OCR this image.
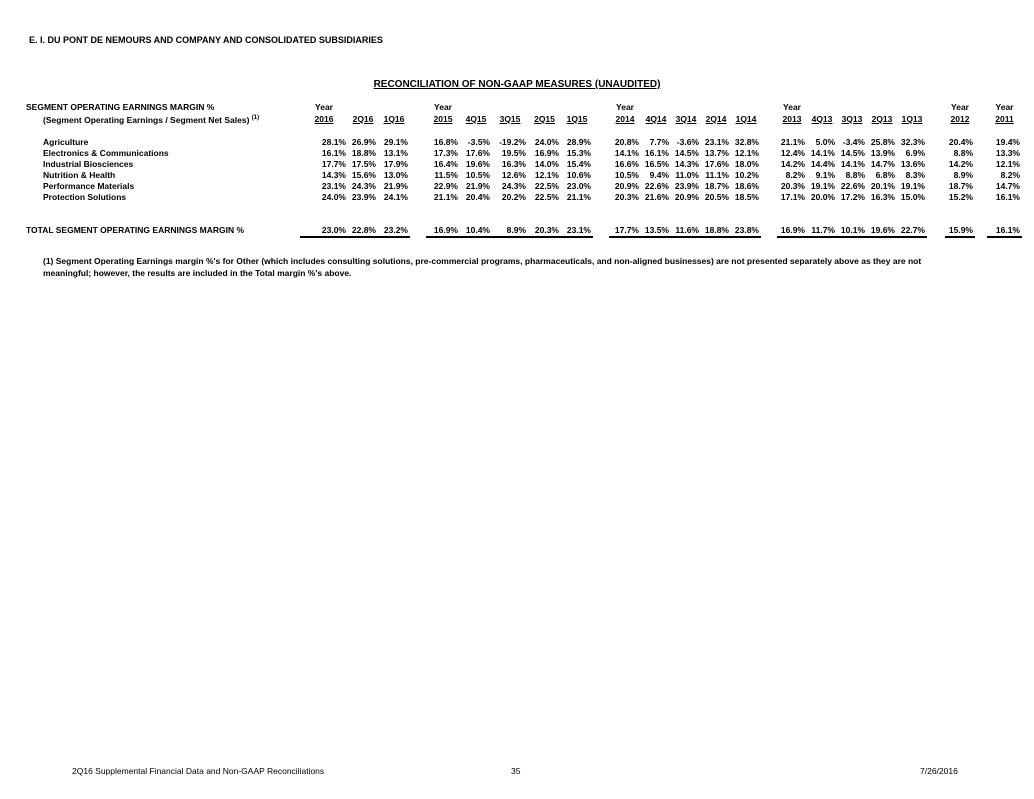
E. I. DU PONT DE NEMOURS AND COMPANY AND CONSOLIDATED SUBSIDIARIES
RECONCILIATION OF NON-GAAP MEASURES (UNAUDITED)
SEGMENT OPERATING EARNINGS MARGIN %	Year				Year						Year						Year						Year		Year
(Segment Operating Earnings / Segment Net Sales) $^{(1)}$	2016	2Q16	1Q16		2015	4Q15	3Q15	2Q15	1Q15		2014	4Q14	3Q14	2Q14	1Q14		2013	4Q13	3Q13	2Q13	1Q13		2012		2011

Agriculture	28.1%	26.9%	29.1%		16.8%	-3.5%	-19.2%	24.0%	28.9%		20.8%	7.7%	-3.6%	23.1%	32.8%		21.1%	5.0%	-3.4%	25.8%	32.3%		20.4%		19.4%
Electronics & Communications	16.1%	18.8%	13.1%		17.3%	17.6%	19.5%	16.9%	15.3%		14.1%	16.1%	14.5%	13.7%	12.1%		12.4%	14.1%	14.5%	13.9%	6.9%		8.8%		13.3%
Industrial Biosciences	17.7%	17.5%	17.9%		16.4%	19.6%	16.3%	14.0%	15.4%		16.6%	16.5%	14.3%	17.6%	18.0%		14.2%	14.4%	14.1%	14.7%	13.6%		14.2%		12.1%
Nutrition & Health	14.3%	15.6%	13.0%		11.5%	10.5%	12.6%	12.1%	10.6%		10.5%	9.4%	11.0%	11.1%	10.2%		8.2%	9.1%	8.8%	6.8%	8.3%		8.9%		8.2%
Performance Materials	23.1%	24.3%	21.9%		22.9%	21.9%	24.3%	22.5%	23.0%		20.9%	22.6%	23.9%	18.7%	18.6%		20.3%	19.1%	22.6%	20.1%	19.1%		18.7%		14.7%
Protection Solutions	24.0%	23.9%	24.1%		21.1%	20.4%	20.2%	22.5%	21.1%		20.3%	21.6%	20.9%	20.5%	18.5%		17.1%	20.0%	17.2%	16.3%	15.0%		15.2%		16.1%

TOTAL SEGMENT OPERATING EARNINGS MARGIN %	23.0%	22.8%	23.2%		16.9%	10.4%	8.9%	20.3%	23.1%		17.7%	13.5%	11.6%	18.8%	23.8%		16.9%	11.7%	10.1%	19.6%	22.7%		15.9%		16.1%
(1) Segment Operating Earnings margin %'s for Other (which includes consulting solutions, pre-commercial programs, pharmaceuticals, and non-aligned businesses) are not presented separately above as they are not meaningful; however, the results are included in the Total margin %'s above.
2Q16 Supplemental Financial Data and Non-GAAP Reconciliations	35	7/26/2016
